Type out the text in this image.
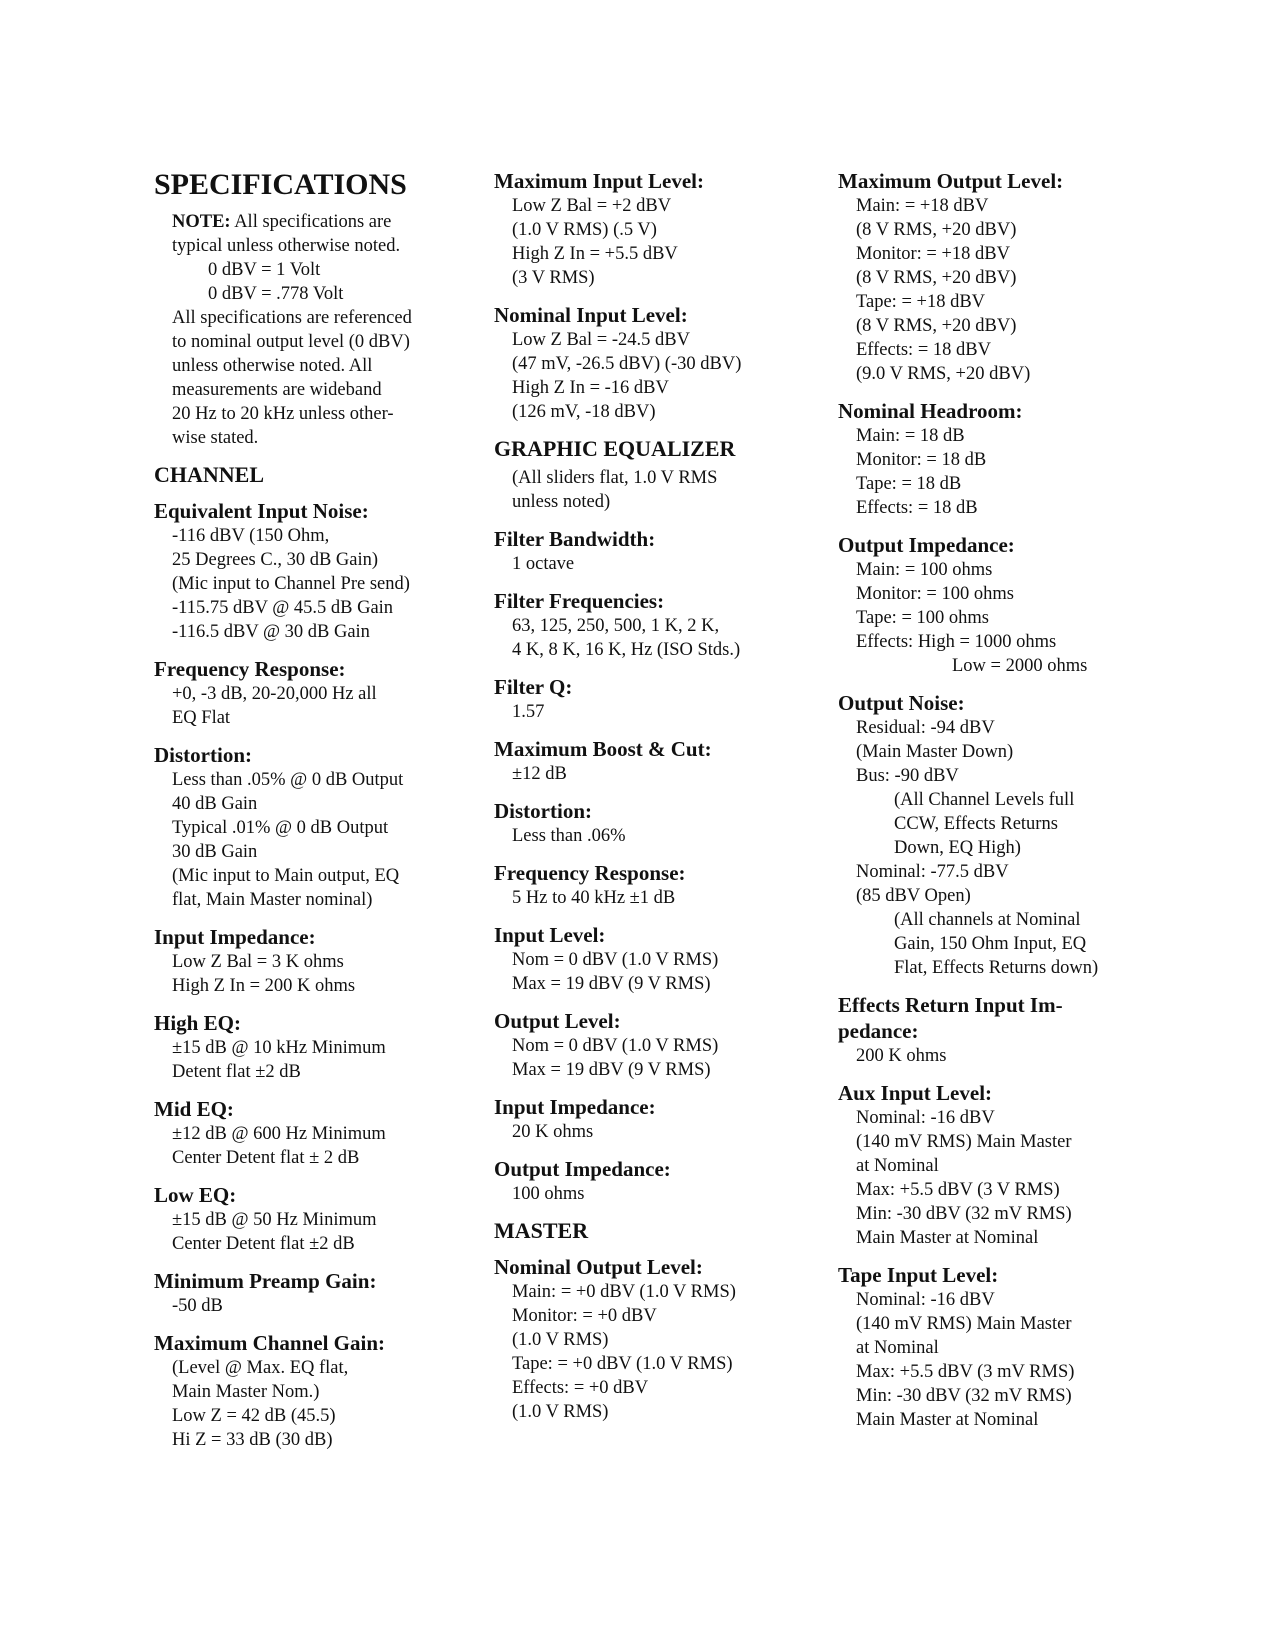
SPECIFICATIONS
NOTE: All specifications are
typical unless otherwise noted.
0 dBV = 1 Volt
0 dBV = .778 Volt
All specifications are referenced
to nominal output level (0 dBV)
unless otherwise noted. All
measurements are wideband
20 Hz to 20 kHz unless other-
wise stated.
CHANNEL
Equivalent Input Noise:
-116 dBV (150 Ohm,
25 Degrees C., 30 dB Gain)
(Mic input to Channel Pre send)
-115.75 dBV @ 45.5 dB Gain
-116.5 dBV @ 30 dB Gain
Frequency Response:
+0, -3 dB, 20-20,000 Hz all
EQ Flat
Distortion:
Less than .05% @ 0 dB Output
40 dB Gain
Typical .01% @ 0 dB Output
30 dB Gain
(Mic input to Main output, EQ
flat, Main Master nominal)
Input Impedance:
Low Z Bal = 3 K ohms
High Z In = 200 K ohms
High EQ:
±15 dB @ 10 kHz Minimum
Detent flat ±2 dB
Mid EQ:
±12 dB @ 600 Hz Minimum
Center Detent flat ± 2 dB
Low EQ:
±15 dB @ 50 Hz Minimum
Center Detent flat ±2 dB
Minimum Preamp Gain:
-50 dB
Maximum Channel Gain:
(Level @ Max. EQ flat,
Main Master Nom.)
Low Z = 42 dB (45.5)
Hi Z = 33 dB (30 dB)
Maximum Input Level:
Low Z Bal = +2 dBV
(1.0 V RMS) (.5 V)
High Z In = +5.5 dBV
(3 V RMS)
Nominal Input Level:
Low Z Bal = -24.5 dBV
(47 mV, -26.5 dBV) (-30 dBV)
High Z In = -16 dBV
(126 mV, -18 dBV)
GRAPHIC EQUALIZER
(All sliders flat, 1.0 V RMS
unless noted)
Filter Bandwidth:
1 octave
Filter Frequencies:
63, 125, 250, 500, 1 K, 2 K,
4 K, 8 K, 16 K, Hz (ISO Stds.)
Filter Q:
1.57
Maximum Boost & Cut:
±12 dB
Distortion:
Less than .06%
Frequency Response:
5 Hz to 40 kHz ±1 dB
Input Level:
Nom = 0 dBV (1.0 V RMS)
Max = 19 dBV (9 V RMS)
Output Level:
Nom = 0 dBV (1.0 V RMS)
Max = 19 dBV (9 V RMS)
Input Impedance:
20 K ohms
Output Impedance:
100 ohms
MASTER
Nominal Output Level:
Main: = +0 dBV (1.0 V RMS)
Monitor: = +0 dBV
(1.0 V RMS)
Tape: = +0 dBV (1.0 V RMS)
Effects: = +0 dBV
(1.0 V RMS)
Maximum Output Level:
Main: = +18 dBV
(8 V RMS, +20 dBV)
Monitor: = +18 dBV
(8 V RMS, +20 dBV)
Tape: = +18 dBV
(8 V RMS, +20 dBV)
Effects: = 18 dBV
(9.0 V RMS, +20 dBV)
Nominal Headroom:
Main: = 18 dB
Monitor: = 18 dB
Tape: = 18 dB
Effects: = 18 dB
Output Impedance:
Main: = 100 ohms
Monitor: = 100 ohms
Tape: = 100 ohms
Effects: High = 1000 ohms
Low = 2000 ohms
Output Noise:
Residual: -94 dBV
(Main Master Down)
Bus: -90 dBV
(All Channel Levels full
CCW, Effects Returns
Down, EQ High)
Nominal: -77.5 dBV
(85 dBV Open)
(All channels at Nominal
Gain, 150 Ohm Input, EQ
Flat, Effects Returns down)
Effects Return Input Im-
pedance:
200 K ohms
Aux Input Level:
Nominal: -16 dBV
(140 mV RMS) Main Master
at Nominal
Max: +5.5 dBV (3 V RMS)
Min: -30 dBV (32 mV RMS)
Main Master at Nominal
Tape Input Level:
Nominal: -16 dBV
(140 mV RMS) Main Master
at Nominal
Max: +5.5 dBV (3 mV RMS)
Min: -30 dBV (32 mV RMS)
Main Master at Nominal
